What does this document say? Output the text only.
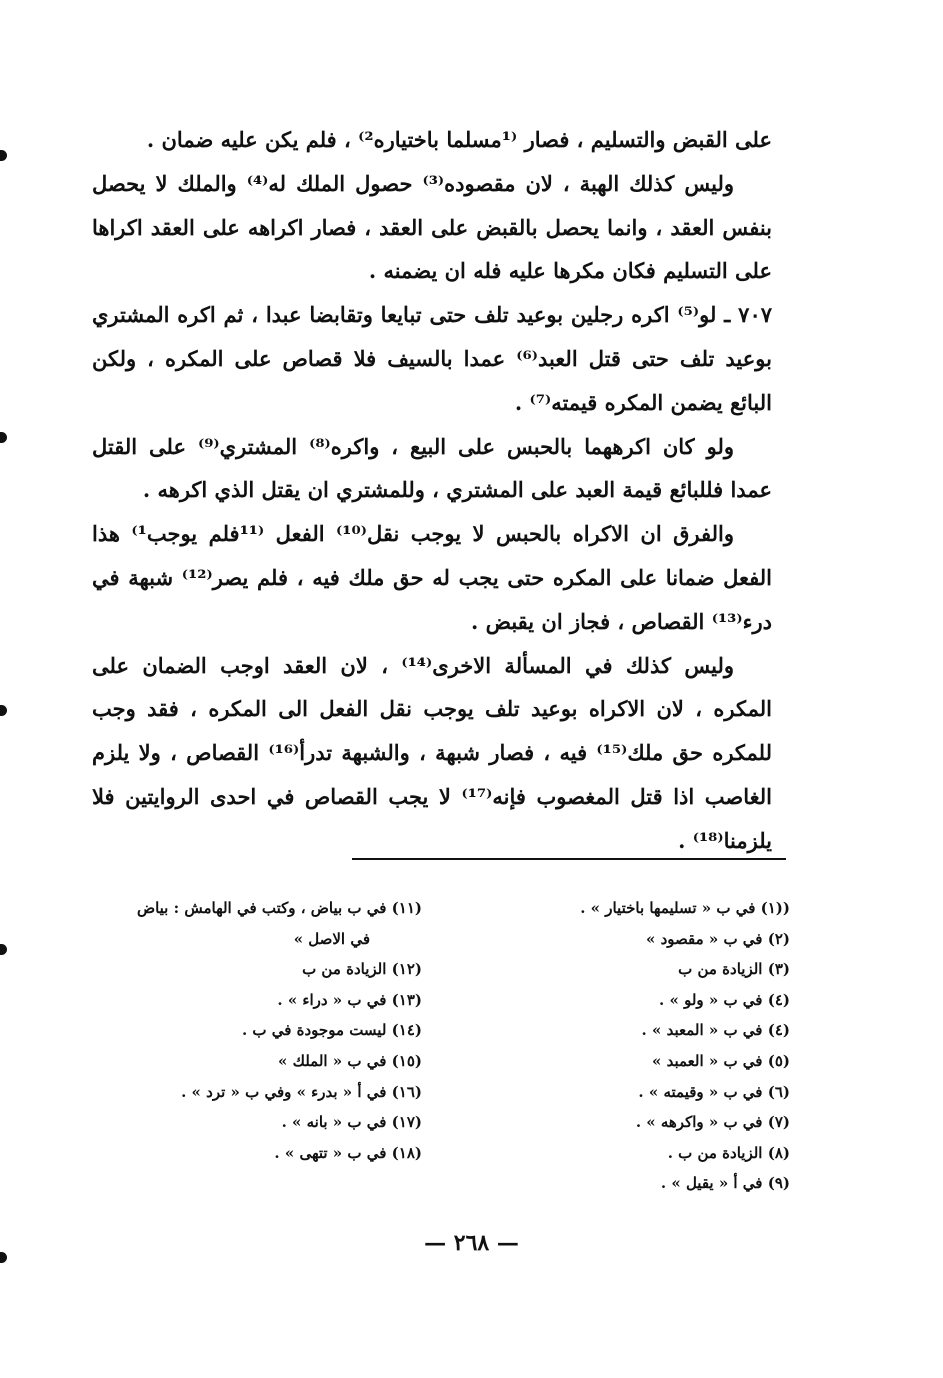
على القبض والتسليم ، فصار ⁽¹مسلما باختياره²⁾ ، فلم يكن عليه ضمان .

وليس كذلك الهبة ، لان مقصوده⁽³⁾ حصول الملك له⁽⁴⁾ والملك لا يحصل بنفس العقد ، وانما يحصل بالقبض على العقد ، فصار اكراهه على العقد اكراها على التسليم فكان مكرها عليه فله ان يضمنه .

٧٠٧ ـ لو⁽⁵⁾ اكره رجلين بوعيد تلف حتى تبايعا وتقابضا عبدا ، ثم اكره المشتري بوعيد تلف حتى قتل العبد⁽⁶⁾ عمدا بالسيف فلا قصاص على المكره ، ولكن البائع يضمن المكره قيمته⁽⁷⁾ .

ولو كان اكرههما بالحبس على البيع ، واكره⁽⁸⁾ المشتري⁽⁹⁾ على القتل عمدا فللبائع قيمة العبد على المشتري ، وللمشتري ان يقتل الذي اكرهه .

والفرق ان الاكراه بالحبس لا يوجب نقل⁽¹⁰⁾ الفعل ⁽¹¹فلم يوجب¹⁾ هذا الفعل ضمانا على المكره حتى يجب له حق ملك فيه ، فلم يصر⁽¹²⁾ شبهة في درء⁽¹³⁾ القصاص ، فجاز ان يقبض .

وليس كذلك في المسألة الاخرى⁽¹⁴⁾ ، لان العقد اوجب الضمان على المكره ، لان الاكراه بوعيد تلف يوجب نقل الفعل الى المكره ، فقد وجب للمكره حق ملك⁽¹⁵⁾ فيه ، فصار شبهة ، والشبهة تدرأ⁽¹⁶⁾ القصاص ، ولا يلزم الغاصب اذا قتل المغصوب فإنه⁽¹⁷⁾ لا يجب القصاص في احدى الروايتين فلا يلزمنا⁽¹⁸⁾ .

((١) في ب « تسليمها باختيار » .
(٢) في ب « مقصود »
(٣) الزيادة من ب
(٤) في ب « ولو » .
(٤) في ب « المعبد » .
(٥) في ب « العمبد »
(٦) في ب « وقيمته » .
(٧) في ب « واكرهه » .
(٨) الزيادة من ب .
(٩) في أ « يقيل » .
(١١) في ب بياض ، وكتب في الهامش : بياض
في الاصل »
(١٢) الزيادة من ب
(١٣) في ب « دراء » .
(١٤) ليست موجودة في ب .
(١٥) في ب « الملك »
(١٦) في أ « بدرء » وفي ب « ترد » .
(١٧) في ب « بانه » .
(١٨) في ب « تتهى » .
— ٢٦٨ —
